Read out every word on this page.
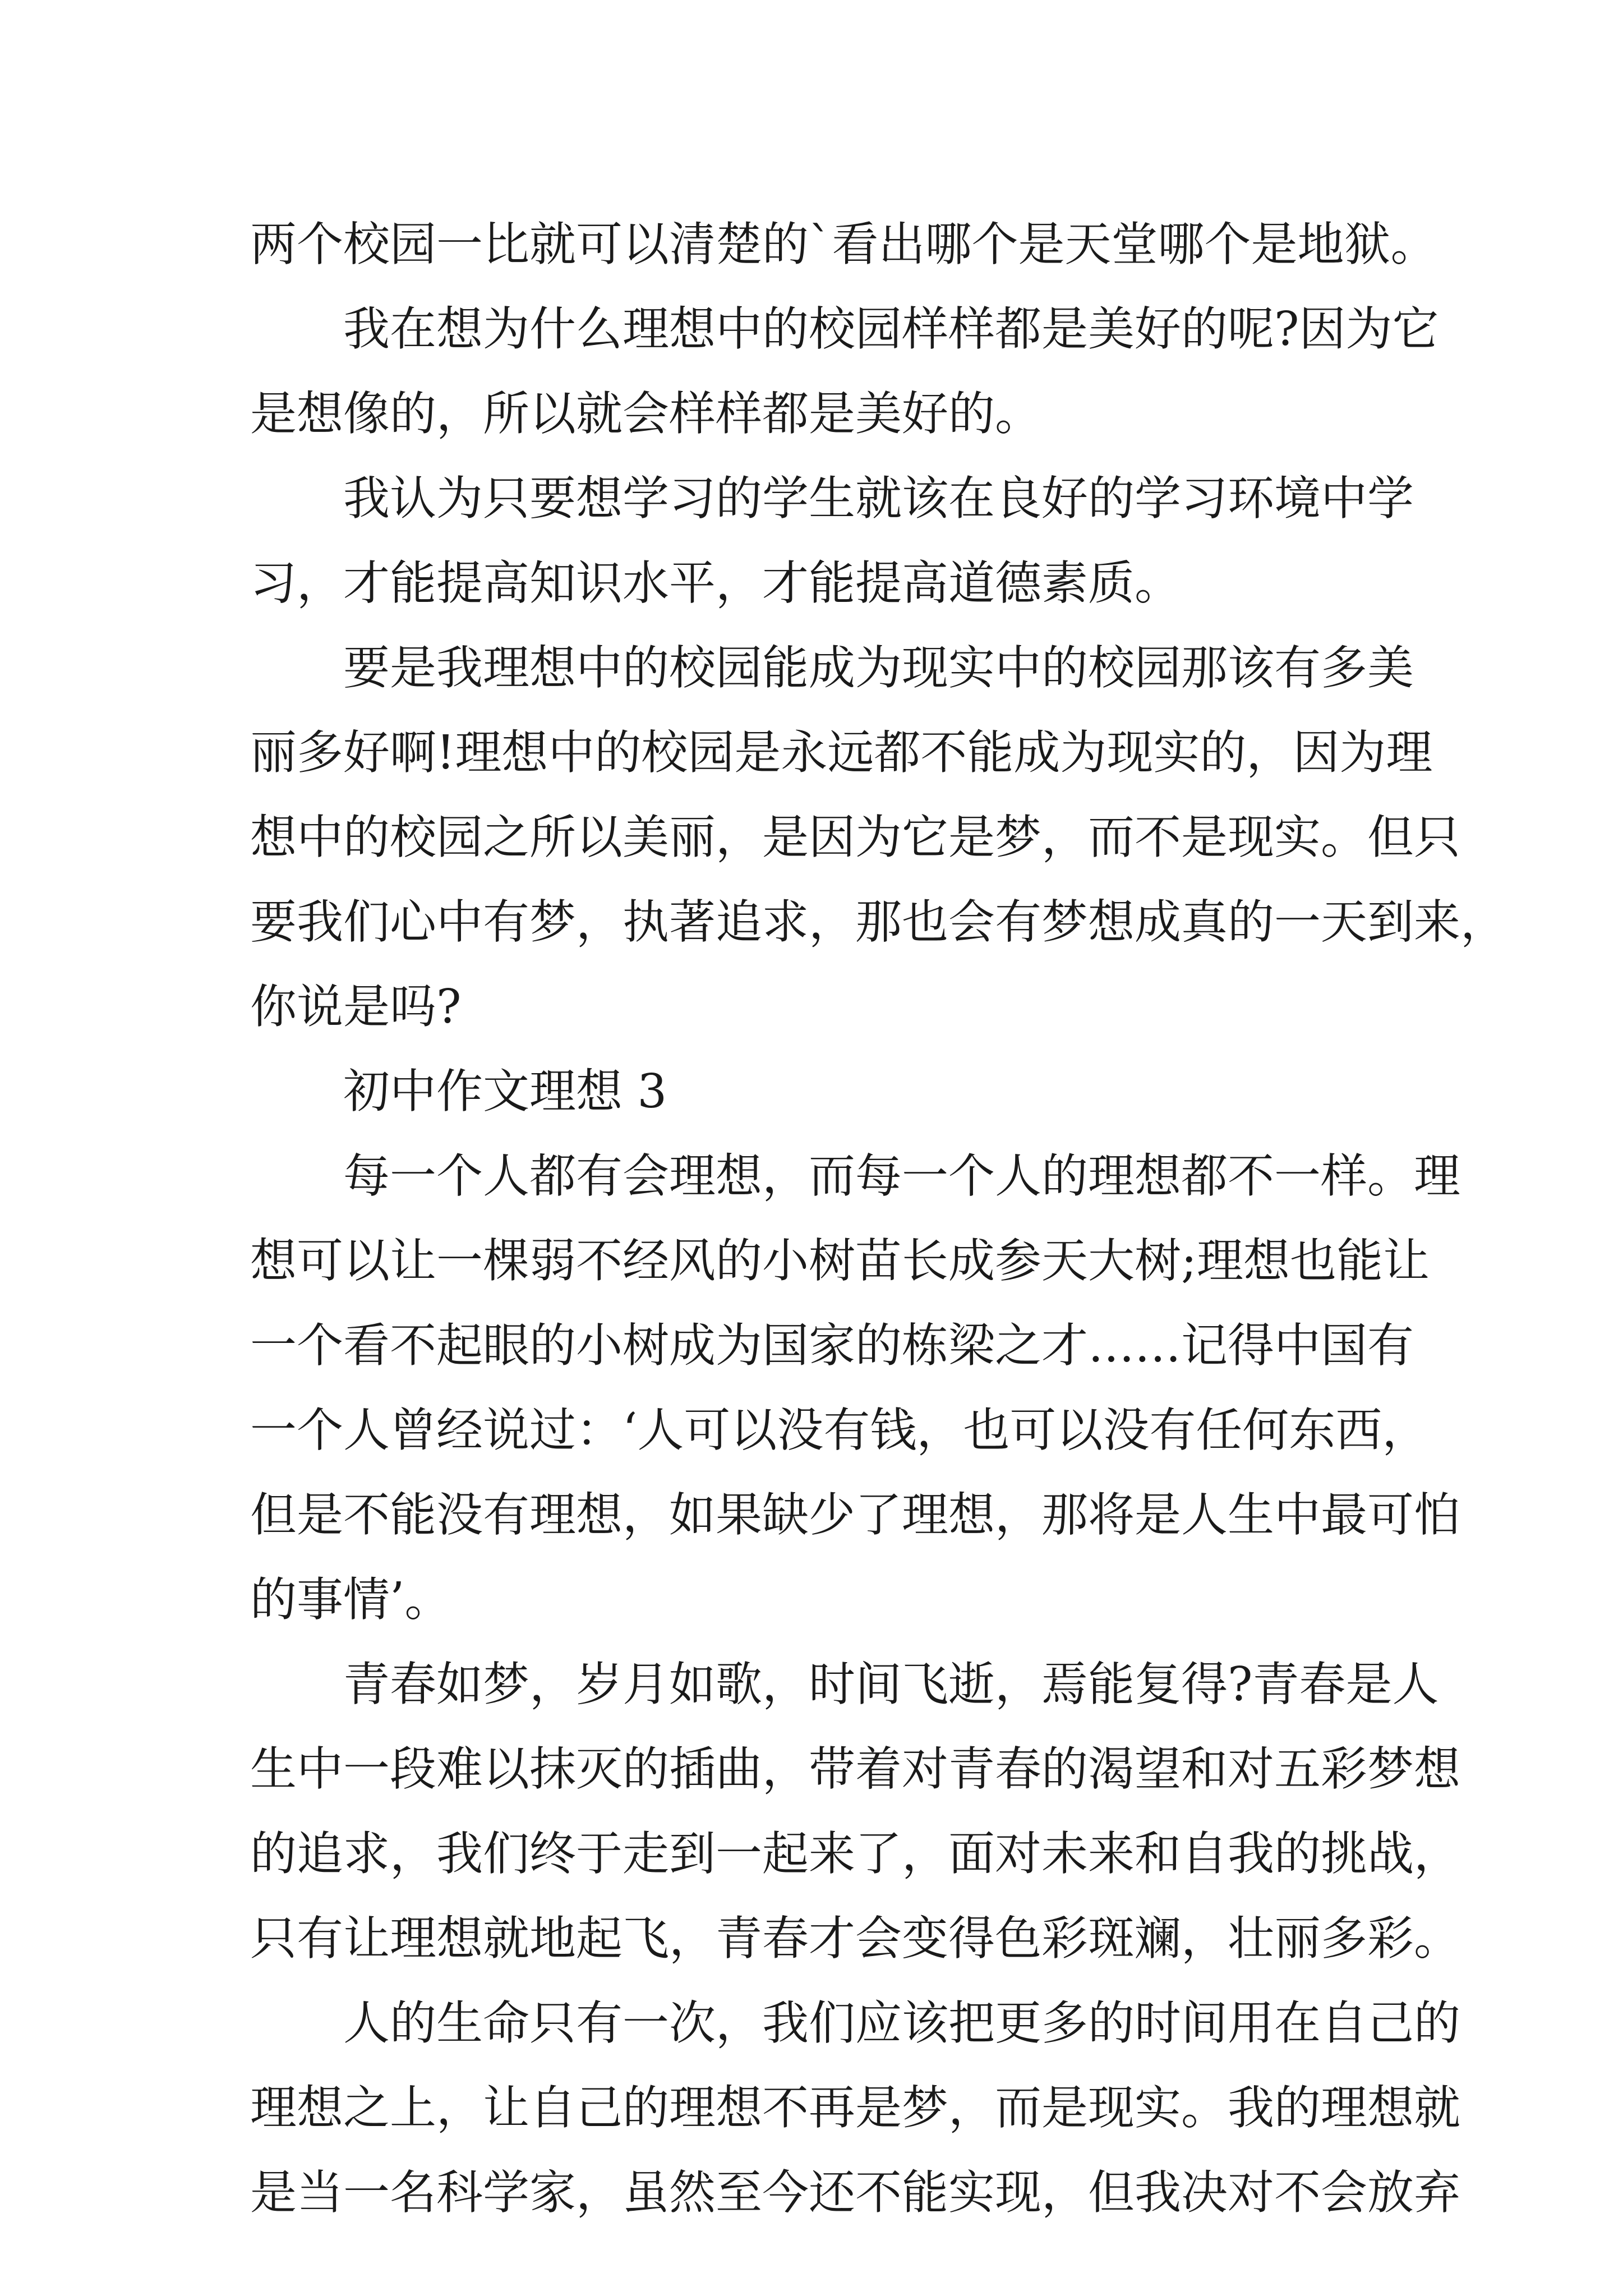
两个校园一比就可以清楚的`看出哪个是天堂哪个是地狱。
我在想为什么理想中的校园样样都是美好的呢?因为它
是想像的，所以就会样样都是美好的。
我认为只要想学习的学生就该在良好的学习环境中学
习，才能提高知识水平，才能提高道德素质。
要是我理想中的校园能成为现实中的校园那该有多美
丽多好啊!理想中的校园是永远都不能成为现实的，因为理
想中的校园之所以美丽，是因为它是梦，而不是现实。但只
要我们心中有梦，执著追求，那也会有梦想成真的一天到来，
你说是吗?
初中作文理想 3
每一个人都有会理想，而每一个人的理想都不一样。理
想可以让一棵弱不经风的小树苗长成参天大树;理想也能让
一个看不起眼的小树成为国家的栋梁之才……记得中国有
一个人曾经说过：‘人可以没有钱，也可以没有任何东西，
但是不能没有理想，如果缺少了理想，那将是人生中最可怕
的事情’。
青春如梦，岁月如歌，时间飞逝，焉能复得?青春是人
生中一段难以抹灭的插曲，带着对青春的渴望和对五彩梦想
的追求，我们终于走到一起来了，面对未来和自我的挑战，
只有让理想就地起飞，青春才会变得色彩斑斓，壮丽多彩。
人的生命只有一次，我们应该把更多的时间用在自己的
理想之上，让自己的理想不再是梦，而是现实。我的理想就
是当一名科学家，虽然至今还不能实现，但我决对不会放弃
